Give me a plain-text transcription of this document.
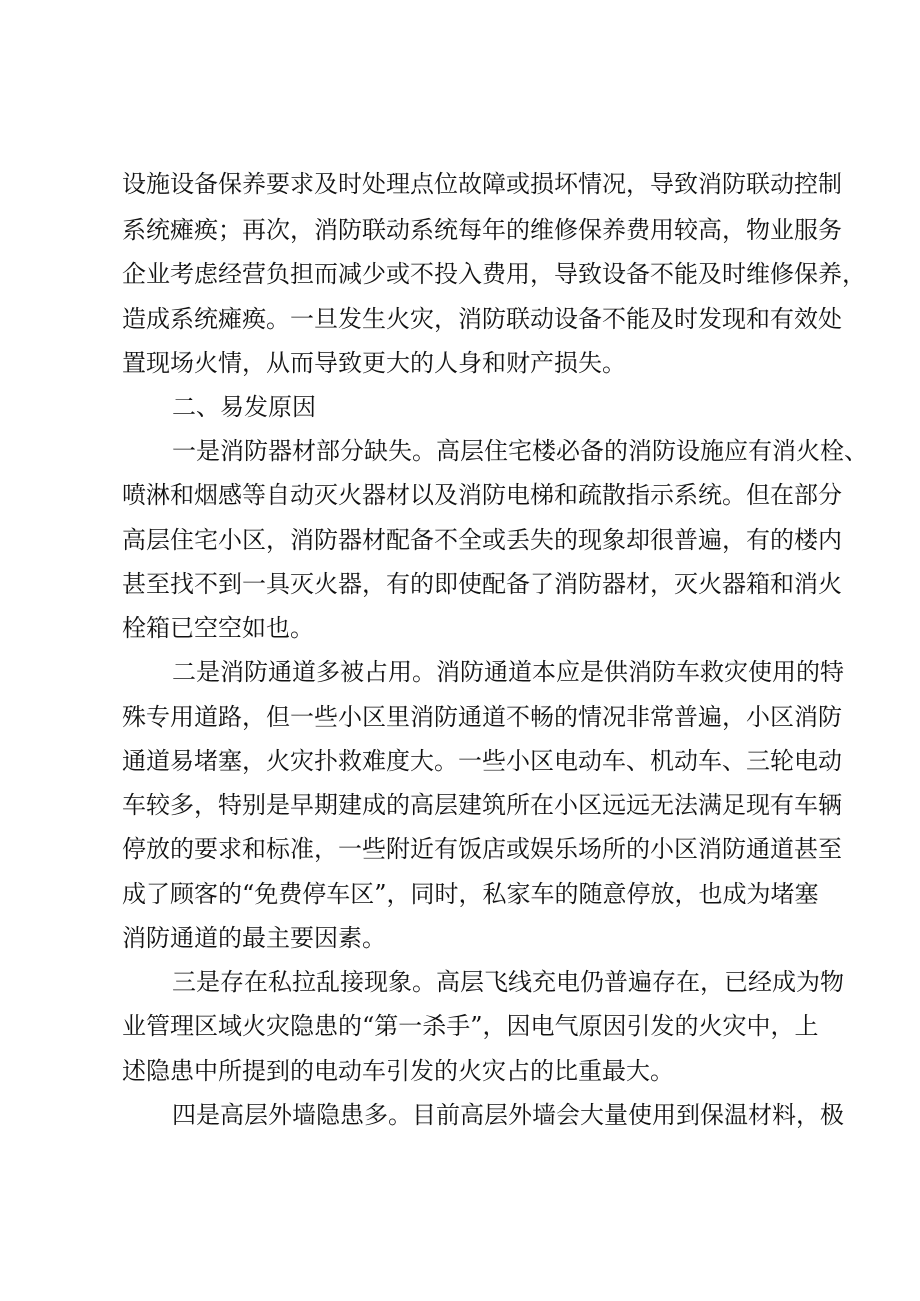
设施设备保养要求及时处理点位故障或损坏情况，导致消防联动控制

系统瘫痪；再次，消防联动系统每年的维修保养费用较高，物业服务

企业考虑经营负担而减少或不投入费用，导致设备不能及时维修保养，

造成系统瘫痪。一旦发生火灾，消防联动设备不能及时发现和有效处

置现场火情，从而导致更大的人身和财产损失。

二、易发原因

一是消防器材部分缺失。高层住宅楼必备的消防设施应有消火栓、

喷淋和烟感等自动灭火器材以及消防电梯和疏散指示系统。但在部分

高层住宅小区，消防器材配备不全或丢失的现象却很普遍，有的楼内

甚至找不到一具灭火器，有的即使配备了消防器材，灭火器箱和消火

栓箱已空空如也。

二是消防通道多被占用。消防通道本应是供消防车救灾使用的特

殊专用道路，但一些小区里消防通道不畅的情况非常普遍，小区消防

通道易堵塞，火灾扑救难度大。一些小区电动车、机动车、三轮电动

车较多，特别是早期建成的高层建筑所在小区远远无法满足现有车辆

停放的要求和标准，一些附近有饭店或娱乐场所的小区消防通道甚至

成了顾客的“免费停车区”，同时，私家车的随意停放，也成为堵塞

消防通道的最主要因素。

三是存在私拉乱接现象。高层飞线充电仍普遍存在，已经成为物

业管理区域火灾隐患的“第一杀手”，因电气原因引发的火灾中，上

述隐患中所提到的电动车引发的火灾占的比重最大。

四是高层外墙隐患多。目前高层外墙会大量使用到保温材料，极
